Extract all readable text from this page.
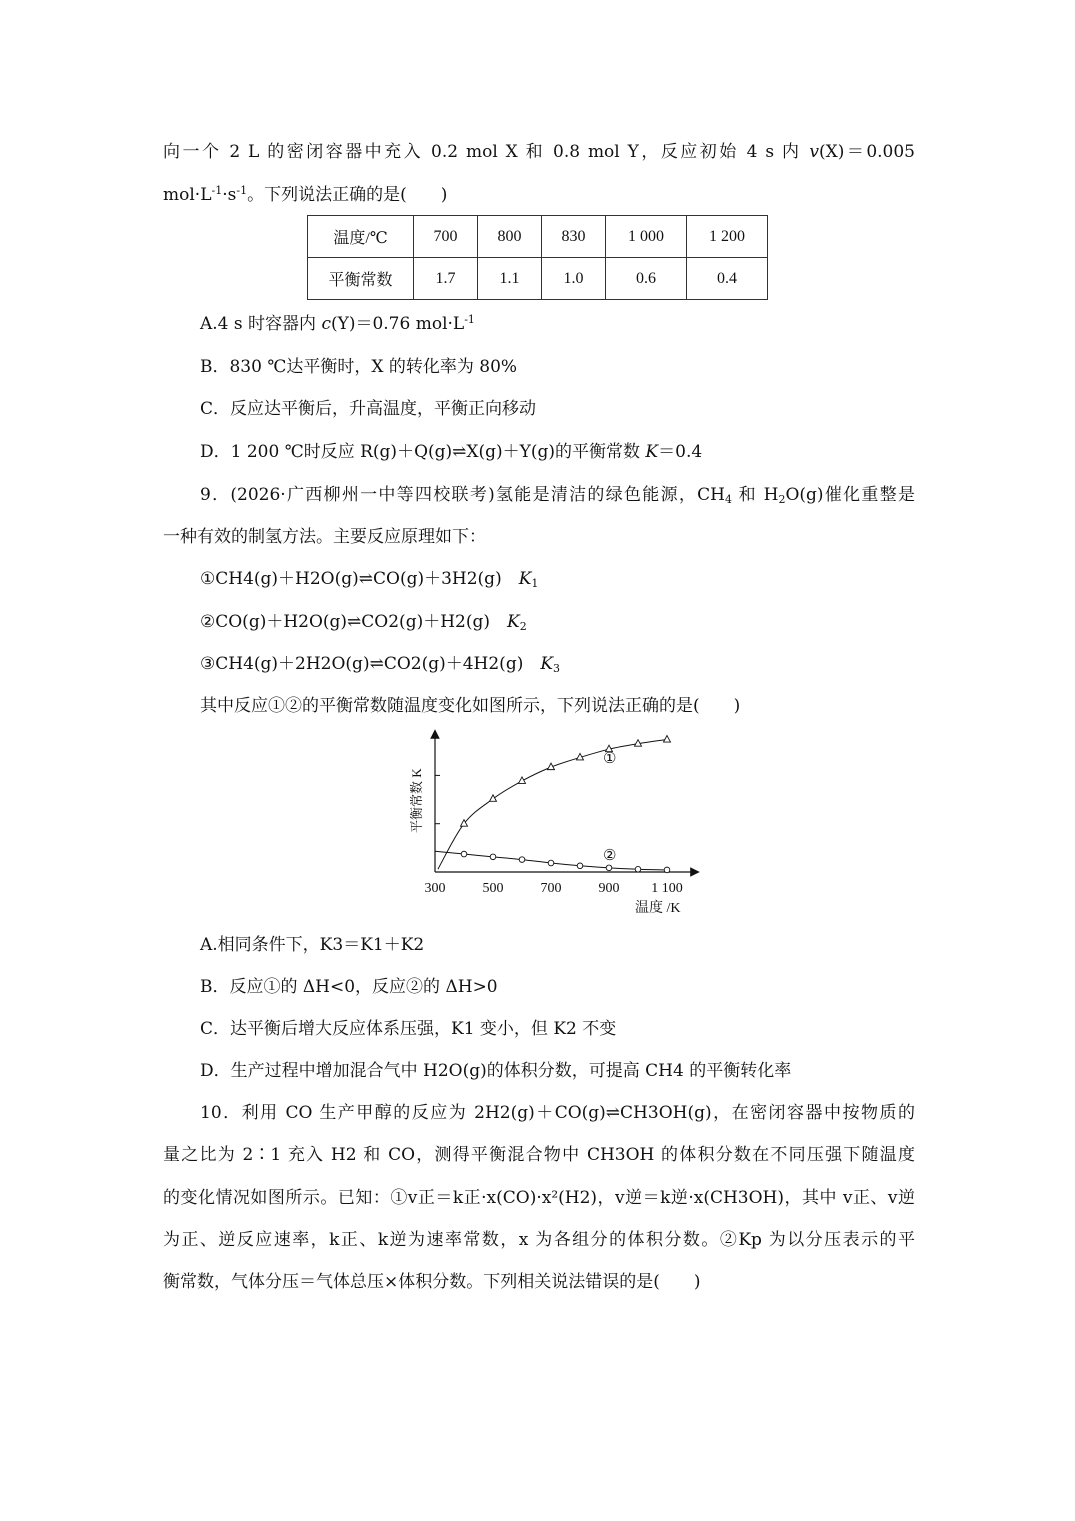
向一个 2 L 的密闭容器中充入 0.2 mol X 和 0.8 mol Y，反应初始 4 s 内 v(X)＝0.005
$mol\cdot L^{-1}\cdot s^{-1}$。下列说法正确的是(　　)
温度/℃	700	800	830	1 000	1 200
平衡常数	1.7	1.1	1.0	0.6	0.4
A.4 s 时容器内 c(Y)＝0.76 $mol\cdot L^{-1}$
B．830 ℃达平衡时，X 的转化率为 80%
C．反应达平衡后，升高温度，平衡正向移动
D．1 200 ℃时反应 R(g)＋Q(g)⇌X(g)＋Y(g)的平衡常数 K＝0.4
9．(2026·广西柳州一中等四校联考)氢能是清洁的绿色能源，$CH_4$ 和 $H_2O(g)$催化重整是
一种有效的制氢方法。主要反应原理如下：
①CH4(g)＋H2O(g)⇌CO(g)＋3H2(g)　 $K_1$
②CO(g)＋H2O(g)⇌CO2(g)＋H2(g)　 $K_2$
③CH4(g)＋2H2O(g)⇌CO2(g)＋4H2(g)　 $K_3$
其中反应①②的平衡常数随温度变化如图所示，下列说法正确的是(　　)
300	500	700	900 1 100
①
②
温度 /K
平衡常数 K
A.相同条件下，K3＝K1＋K2
B．反应①的 ΔH<0，反应②的 ΔH>0
C．达平衡后增大反应体系压强，K1 变小，但 K2 不变
D．生产过程中增加混合气中 H2O(g)的体积分数，可提高 CH4 的平衡转化率
10．利用 CO 生产甲醇的反应为 2H2(g)＋CO(g)⇌CH3OH(g)，在密闭容器中按物质的
量之比为 2∶1 充入 H2 和 CO，测得平衡混合物中 CH3OH 的体积分数在不同压强下随温度
的变化情况如图所示。已知：①v正＝k正·x(CO)·x²(H2)，v逆＝k逆·x(CH3OH)，其中 v正、v逆
为正、逆反应速率，k正、k逆为速率常数，x 为各组分的体积分数。②Kp 为以分压表示的平
衡常数，气体分压＝气体总压×体积分数。下列相关说法错误的是(　　)
